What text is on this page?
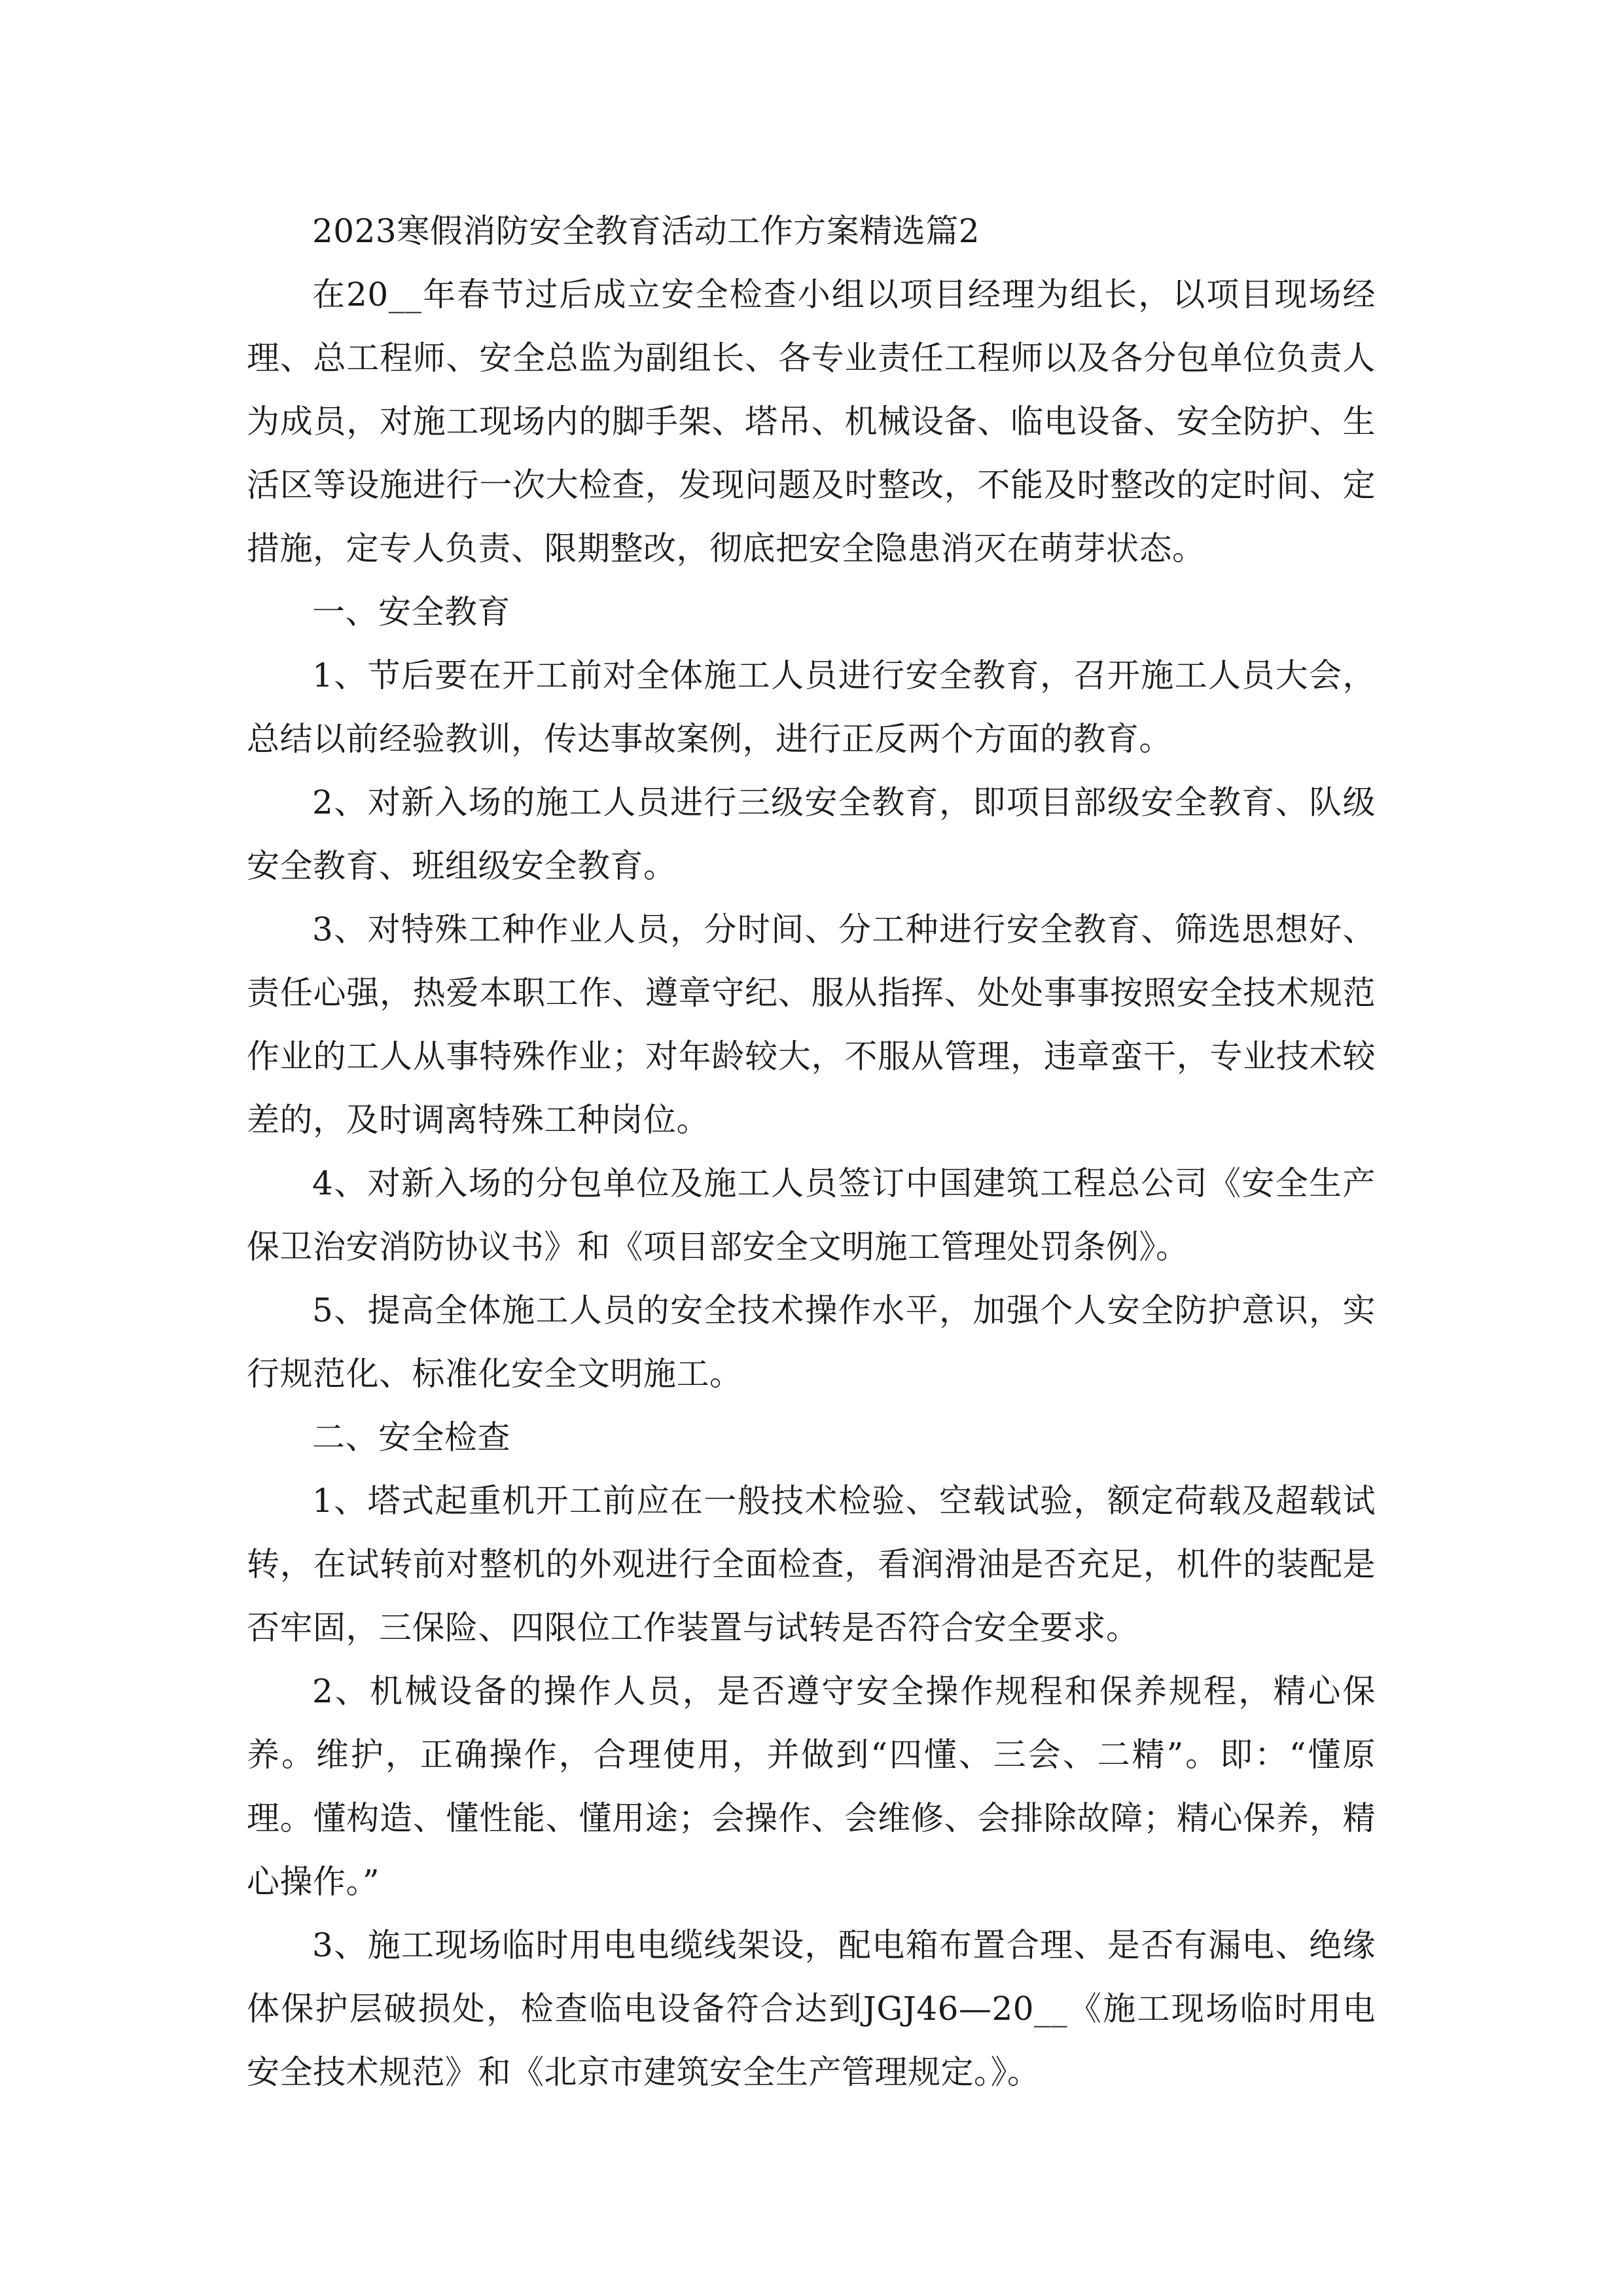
2023寒假消防安全教育活动工作方案精选篇2

在20__年春节过后成立安全检查小组以项目经理为组长，以项目现场经理、总工程师、安全总监为副组长、各专业责任工程师以及各分包单位负责人为成员，对施工现场内的脚手架、塔吊、机械设备、临电设备、安全防护、生活区等设施进行一次大检查，发现问题及时整改，不能及时整改的定时间、定措施，定专人负责、限期整改，彻底把安全隐患消灭在萌芽状态。

一、安全教育

1、节后要在开工前对全体施工人员进行安全教育，召开施工人员大会，总结以前经验教训，传达事故案例，进行正反两个方面的教育。

2、对新入场的施工人员进行三级安全教育，即项目部级安全教育、队级安全教育、班组级安全教育。

3、对特殊工种作业人员，分时间、分工种进行安全教育、筛选思想好、责任心强，热爱本职工作、遵章守纪、服从指挥、处处事事按照安全技术规范作业的工人从事特殊作业；对年龄较大，不服从管理，违章蛮干，专业技术较差的，及时调离特殊工种岗位。

4、对新入场的分包单位及施工人员签订中国建筑工程总公司《安全生产保卫治安消防协议书》和《项目部安全文明施工管理处罚条例》。

5、提高全体施工人员的安全技术操作水平，加强个人安全防护意识，实行规范化、标准化安全文明施工。

二、安全检查

1、塔式起重机开工前应在一般技术检验、空载试验，额定荷载及超载试转，在试转前对整机的外观进行全面检查，看润滑油是否充足，机件的装配是否牢固，三保险、四限位工作装置与试转是否符合安全要求。

2、机械设备的操作人员，是否遵守安全操作规程和保养规程，精心保养。维护，正确操作，合理使用，并做到“四懂、三会、二精”。即：“懂原理。懂构造、懂性能、懂用途；会操作、会维修、会排除故障；精心保养，精心操作。”

3、施工现场临时用电电缆线架设，配电箱布置合理、是否有漏电、绝缘体保护层破损处，检查临电设备符合达到JGJ46—20__《施工现场临时用电安全技术规范》和《北京市建筑安全生产管理规定。》。
